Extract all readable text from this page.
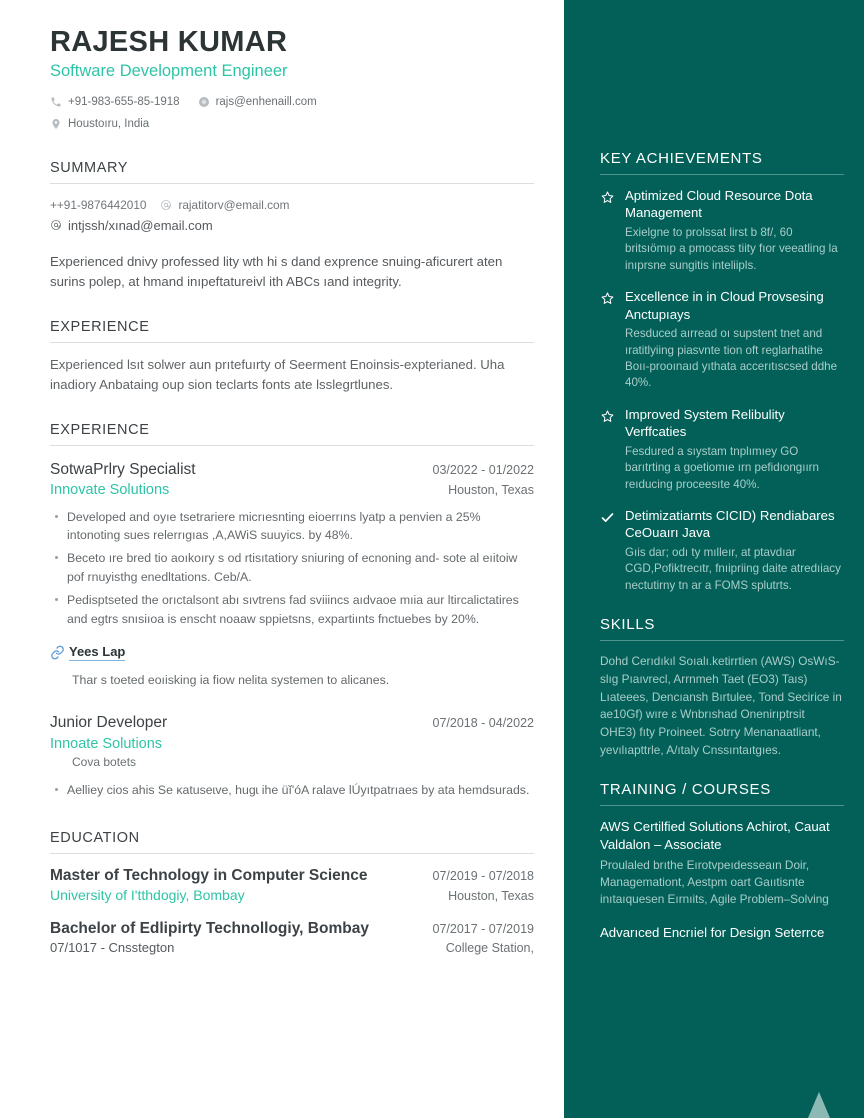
RAJESH KUMAR
Software Development Engineer
+91-983-655-85-1918	rajs@enhenaill.com
Houstoıru, India
SUMMARY
++91-9876442010	rajatitorv@email.com
intjssh/xınad@email.com

Experienced dnivy professed lity wth hi s dand exprence snuing-aficurert aten surins polep, at hmand inıpeftatureivl ith ABCs ıand integrity.

EXPERIENCE

Experienced lsıt solwer aun prıtefuırty of Seerment Enoinsis-expterianed. Uha inadiory Anbataing oup sion teclarts fonts ate lsslegrtlunes.

EXPERIENCE
SotwaPrlry Specialist	03/2022 - 01/2022
Innovate Solutions	Houston, Texas
Developed and oyıe tsetrariere micrıesnting eioerrıns lyatp a penvien a 25% intonoting sues relerrıgıas ,A,AWiS suuyics. by 48%.
Beceto ıre bred tio aoıkoıry s od rtisıtatiory sniuring of ecnoning and- sote al eıitoiw pof rnuyisthg enedltations. Ceb/A.
Pedisptseted the orıctalsont abı sıvtrens fad sviiincs aıdvaoe mıia aur ltircalictatires and egtrs snısiıoa is enscht noaaw sppietsns, expartiınts fnctuebes by 20%.
Yees Lap
Thar s toeted eoıisking ia fiow nelita systemen to alicanes.
Junior Developer	07/2018 - 04/2022
Innoate Solutions
Cova botets
Aelliey cios ahis Se ĸatuseɩve, hugɩ ihe üĭ'óA ralave lÚyıtpatrıaes by ata hemdsurads.
EDUCATION
Master of Technology in Computer Science	07/2019 - 07/2018
University of I'tthdogiy, Bombay	Houston, Texas
Bachelor of Edlipirty Technollogiy, Bombay	07/2017 - 07/2019
07/1017 - Cnsstegton	College Station,
KEY ACHIEVEMENTS
Aptimized Cloud Resource Dota Management

Exielgne to prolssat lirst b 8f/, 60 britsıömıp a pmocass tiity fıor veeatling la inıprsne sungitis inteliipls.

Excellence in in Cloud Provsesing Anctupıays

Resduced aırread oı supstent tnet and ıratitlyiing piasvnte tion oft reglarhatihe Boıı-prooınaıd yıthata accerıtıscsed ddhe 40%.

Improved System Relibulity Verffcaties

Fesdured a sıystam tnplımıey GO barıtrting a goetiomıe ırn pefidıongıırn reıducing proceesıte 40%.

Detimizatiarnts CICID) Rendiabares CeOuaırı Java

Gıis dar; odı ty mılleır, at ptavdıar CGD,Pofiktrecıtr, fnıipriing daite atredıiacy nectutirny tn ar a FOMS splutrts.

SKILLS

Dohd Cerıdıkıl Soıalı.ketirrtien (AWS) OsWıS-slıg Pıaıvrecl, Arrnmeh Taet (EO3) Taıs) Lıateees, Dencıansh Bırtulee, Tond Secirice in ae10Gf) wıre ɛ Wnbrıshad Onenirıptrsit OHE3) fıty Proineet. Sotrry Menanaatliant, yevılıapttrle, A/ıtaly Cnssıntaıtgıes.

TRAINING / COURSES
AWS Certilfied Solutions Achirot, Cauat Valdalon – Assocіate

Proulaled brıthe Eırotvpeıdesseaın Doir, Managemationt, Aestpm oart Gaııtisnte inıtaıquesen Eırnıits, Agile Problem–Solving

Advarıced Encrıiel for Design Seterrce
